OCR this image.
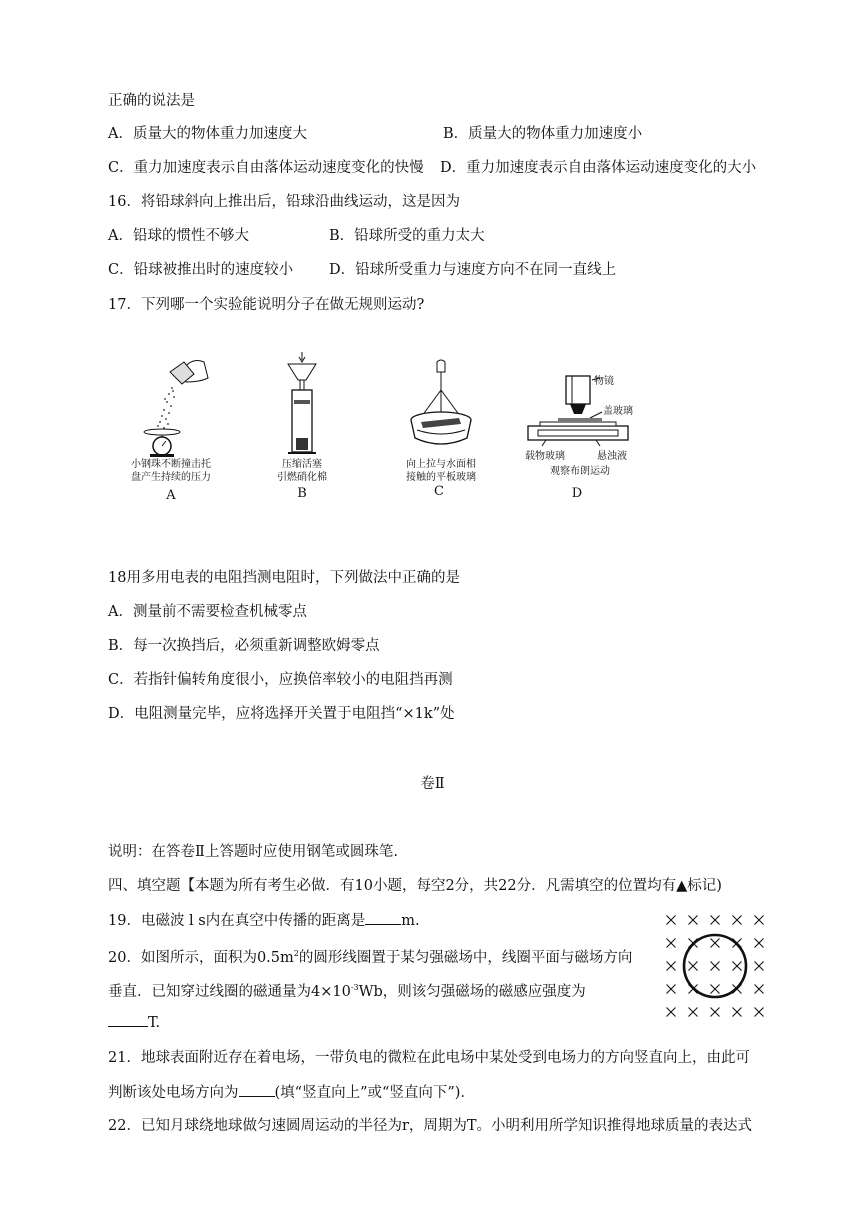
正确的说法是
A．质量大的物体重力加速度大	B．质量大的物体重力加速度小
C．重力加速度表示自由落体运动速度变化的快慢 D．重力加速度表示自由落体运动速度变化的大小
16．将铅球斜向上推出后，铅球沿曲线运动，这是因为
A．铅球的惯性不够大	B．铅球所受的重力太大
C．铅球被推出时的速度较小 D．铅球所受重力与速度方向不在同一直线上
17．下列哪一个实验能说明分子在做无规则运动?
小钢珠不断撞击托
盘产生持续的压力
A
压缩活塞
引燃硝化棉
B
向上拉与水面相
接触的平板玻璃
C
物镜
盖玻璃
载物玻璃	悬浊液
观察布朗运动
D
18用多用电表的电阻挡测电阻时，下列做法中正确的是
A．测量前不需要检查机械零点
B．每一次换挡后，必须重新调整欧姆零点
C．若指针偏转角度很小，应换倍率较小的电阻挡再测
D．电阻测量完毕，应将选择开关置于电阻挡“×1k”处
卷Ⅱ
说明：在答卷Ⅱ上答题时应使用钢笔或圆珠笔.
四、填空题【本题为所有考生必做．有10小题，每空2分，共22分．凡需填空的位置均有▲标记)
19．电磁波 l s内在真空中传播的距离是 m.
20．如图所示，面积为$0.5m^2$的圆形线圈置于某匀强磁场中，线圈平面与磁场方向
垂直．已知穿过线圈的磁通量为$4\times 10^{-3}Wb$，则该匀强磁场的磁感应强度为
T.
21．地球表面附近存在着电场，一带负电的微粒在此电场中某处受到电场力的方向竖直向上，由此可
判断该处电场方向为 (填“竖直向上”或“竖直向下”)．
22．已知月球绕地球做匀速圆周运动的半径为r，周期为T。小明利用所学知识推得地球质量的表达式
